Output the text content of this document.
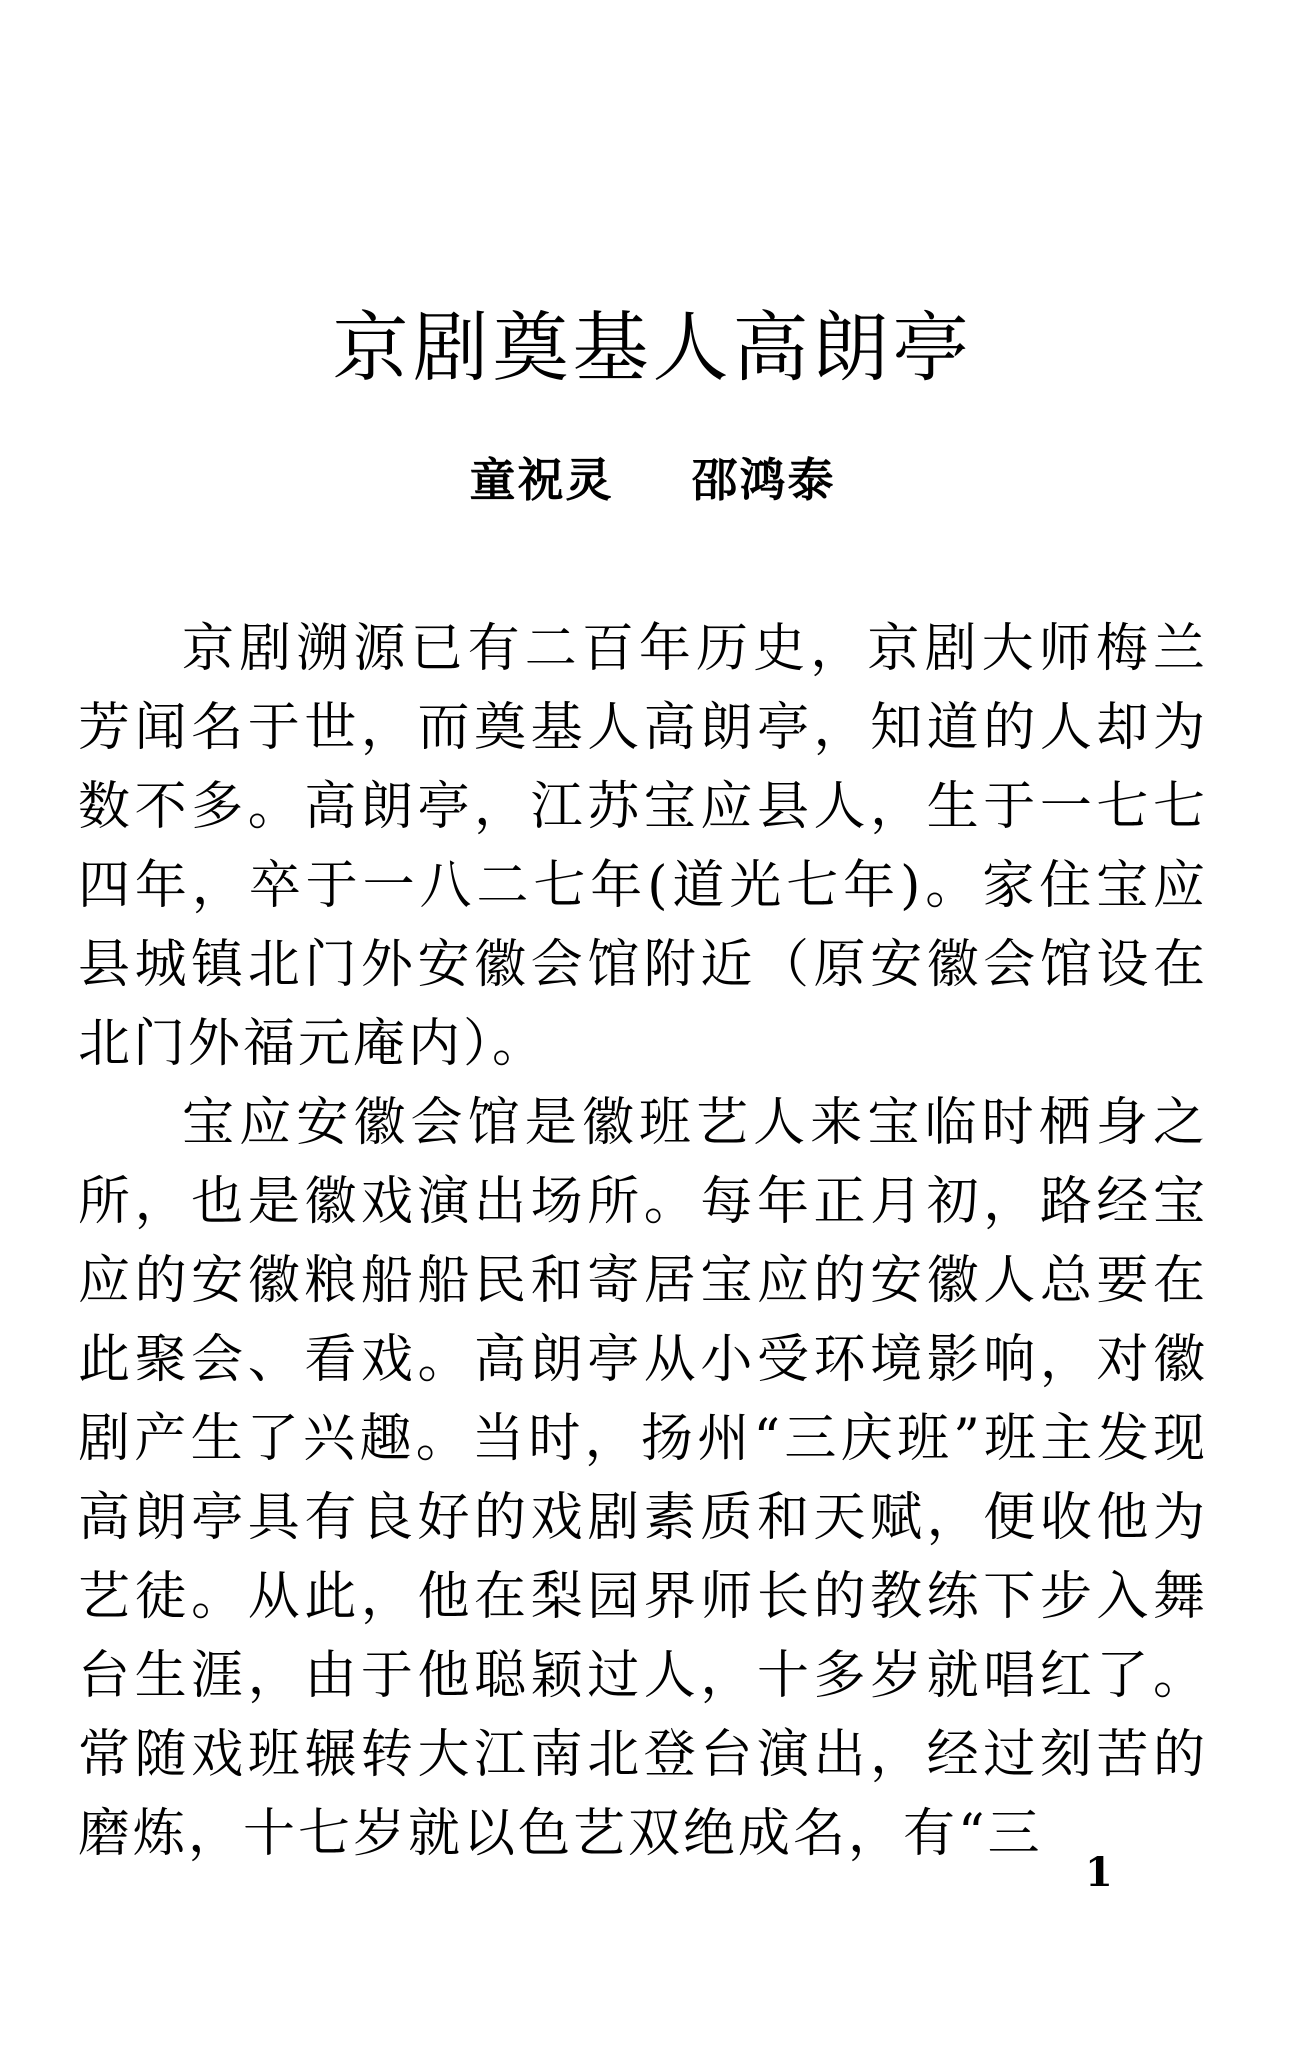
京剧奠基人高朗亭
童祝灵 邵鸿泰

京剧溯源已有二百年历史，京剧大师梅兰芳闻名于世，而奠基人高朗亭，知道的人却为数不多。高朗亭，江苏宝应县人，生于一七七四年，卒于一八二七年(道光七年)。家住宝应县城镇北门外安徽会馆附近（原安徽会馆设在北门外福元庵内）。

宝应安徽会馆是徽班艺人来宝临时栖身之所，也是徽戏演出场所。每年正月初，路经宝应的安徽粮船船民和寄居宝应的安徽人总要在此聚会、看戏。高朗亭从小受环境影响，对徽剧产生了兴趣。当时，扬州“三庆班”班主发现高朗亭具有良好的戏剧素质和天赋，便收他为艺徒。从此，他在梨园界师长的教练下步入舞台生涯，由于他聪颖过人，十多岁就唱红了。常随戏班辗转大江南北登台演出，经过刻苦的磨炼，十七岁就以色艺双绝成名，有“三

1
